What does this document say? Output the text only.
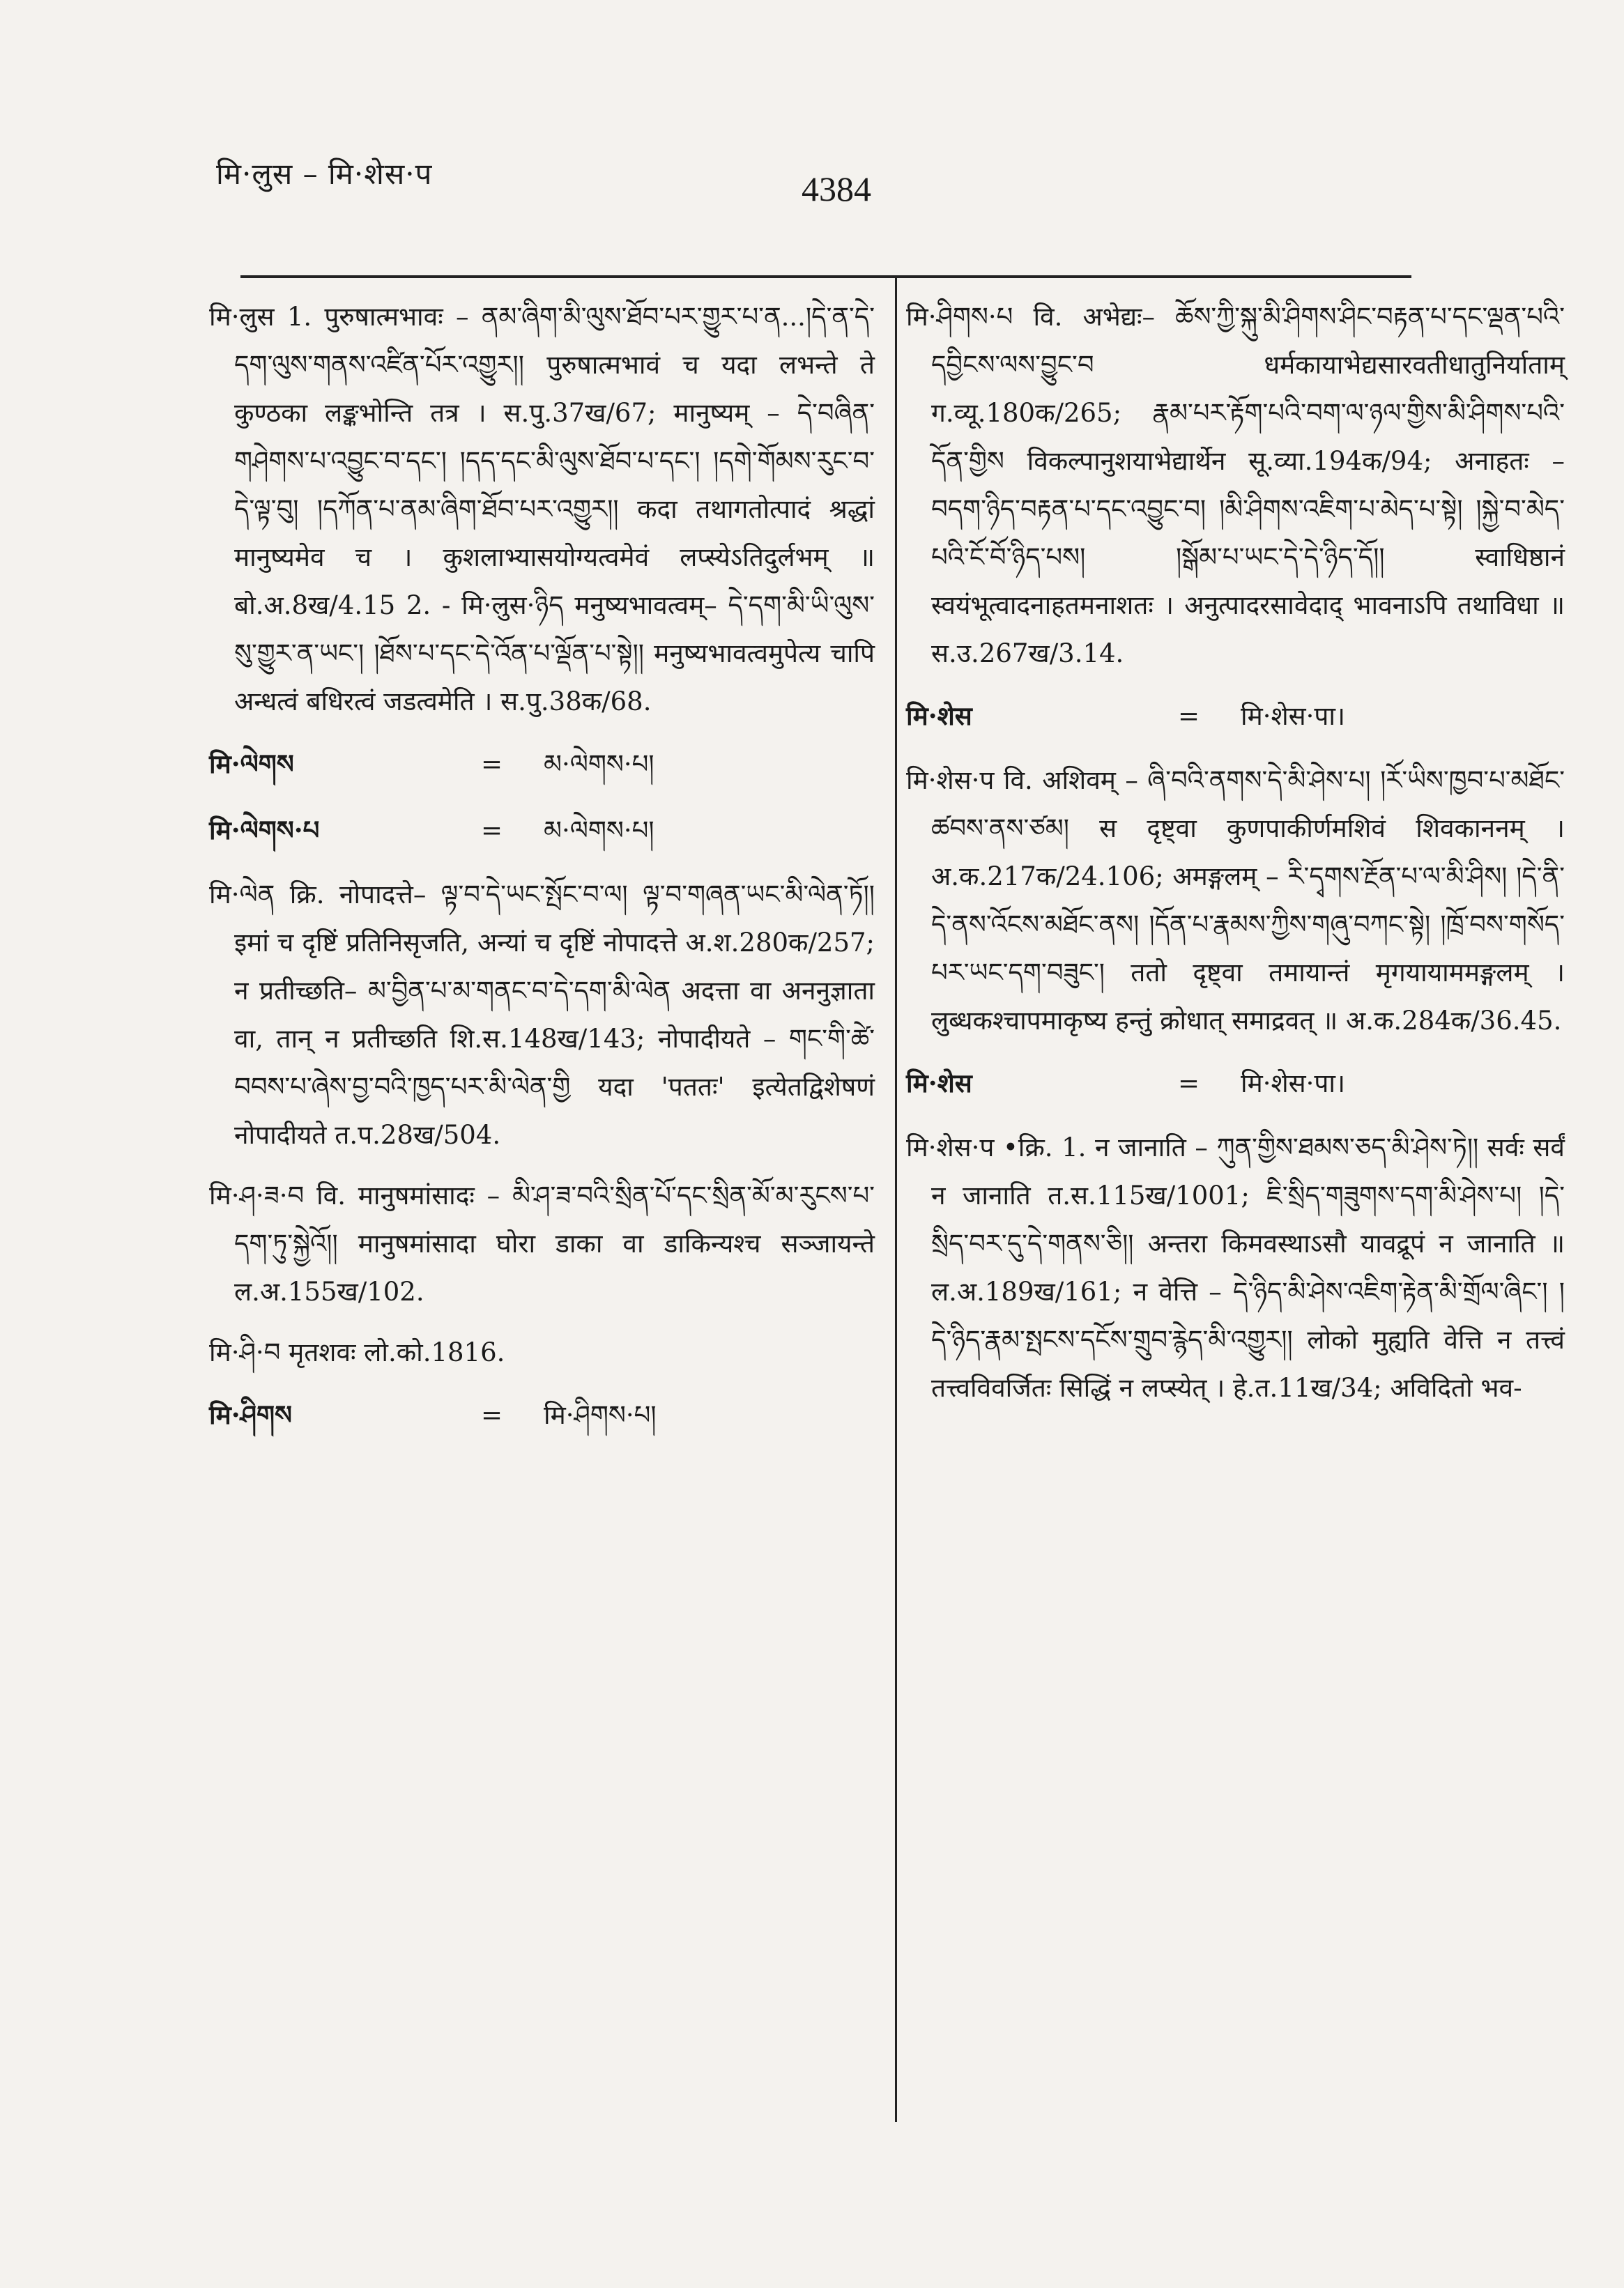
मि·लुस – मि·शेस·प	4384

मि·लुस 1. पुरुषात्मभावः – ནམ་ཞིག་མི་ལུས་ཐོབ་པར་གྱུར་པ་ན...།དེ་ན་དེ་དག་ལུས་གནས་འཛིན་པོར་འགྱུར།། पुरुषात्मभावं च यदा लभन्ते ते कुण्ठका लङ्कभोन्ति तत्र । स.पु.37ख/67; मानुष्यम् – དེ་བཞིན་གཤེགས་པ་འབྱུང་བ་དང་། །དད་དང་མི་ལུས་ཐོབ་པ་དང་། །དགེ་གོམས་རུང་བ་དེ་ལྟ་བུ། །དཀོན་པ་ནམ་ཞིག་ཐོབ་པར་འགྱུར།། कदा तथागतोत्पादं श्रद्धां मानुष्यमेव च । कुशलाभ्यासयोग्यत्वमेवं लप्स्येऽतिदुर्लभम् ॥ बो.अ.8ख/4.15 2. - मि·लुस·ཉིད मनुष्यभावत्वम्– དེ་དག་མི་ཡི་ལུས་སུ་གྱུར་ན་ཡང་། །ཐོས་པ་དང་དེ་འོན་པ་ལྡོན་པ་སྟེ།། मनुष्यभावत्वमुपेत्य चापि अन्धत्वं बधिरत्वं जडत्वमेति । स.पु.38क/68.

मि·ལེགས	=	མ·ལེགས·པ།
मि·ལེགས·པ	=	མ·ལེགས·པ།

मि·ལེན क्रि. नोपादत्ते– ལྟ་བ་དེ་ཡང་སྤོང་བ་ལ། ལྟ་བ་གཞན་ཡང་མི་ལེན་ཏོ།། इमां च दृष्टिं प्रतिनिसृजति, अन्यां च दृष्टिं नोपादत्ते अ.श.280क/257; न प्रतीच्छति– མ་བྱིན་པ་མ་གནང་བ་དེ་དག་མི་ལེན अदत्ता वा अननुज्ञाता वा, तान् न प्रतीच्छति शि.स.148ख/143; नोपादीयते – གང་གི་ཚེ་བབས་པ་ཞེས་བྱ་བའི་ཁྱད་པར་མི་ལེན་གྱི यदा 'पततः' इत्येतद्विशेषणं नोपादीयते त.प.28ख/504.

मि·ཤ·ཟ·བ वि. मानुषमांसादः – མི་ཤ་ཟ་བའི་སྲིན་པོ་དང་སྲིན་མོ་མ་རུངས་པ་དག་ཏུ་སྐྱེའོ།། मानुषमांसादा घोरा डाका वा डाकिन्यश्च सञ्जायन्ते ल.अ.155ख/102.

मि·ཤི·བ मृतशवः लो.को.1816.

मि·ཤིགས	=	मि·ཤིགས·པ།

मि·ཤིགས·པ वि. अभेद्यः– ཆོས་ཀྱི་སྐུ་མི་ཤིགས་ཤིང་བརྟན་པ་དང་ལྡན་པའི་དབྱིངས་ལས་བྱུང་བ धर्मकायाभेद्यसारवतीधातुनिर्याताम् ग.व्यू.180क/265; རྣམ་པར་རྟོག་པའི་བག་ལ་ཉལ་གྱིས་མི་ཤིགས་པའི་དོན་གྱིས विकल्पानुशयाभेद्यार्थेन सू.व्या.194क/94; अनाहतः – བདག་ཉིད་བརྟན་པ་དང་འབྱུང་བ། །མི་ཤིགས་འཇིག་པ་མེད་པ་སྟེ། །སྐྱེ་བ་མེད་པའི་ངོ་བོ་ཉིད་པས། །སྒོམ་པ་ཡང་དེ་དེ་ཉིད་དོ།། स्वाधिष्ठानं स्वयंभूत्वादनाहतमनाशतः । अनुत्पादरसावेदाद् भावनाऽपि तथाविधा ॥ स.उ.267ख/3.14.

मि·शेस	=	मि·शेस·पा।

मि·शेस·प वि. अशिवम् – ཞི་བའི་ནགས་དེ་མི་ཤེས་པ། །རོ་ཡིས་ཁྱབ་པ་མཐོང་ཚབས་ནས་ཙམ། स दृष्ट्वा कुणपाकीर्णमशिवं शिवकाननम् । अ.क.217क/24.106; अमङ्गलम् – རི་དྭགས་རྔོན་པ་ལ་མི་ཤིས། །དེ་ནི་དེ་ནས་འོངས་མཐོང་ནས། །དོན་པ་རྣམས་ཀྱིས་གཞུ་བཀང་སྟེ། །ཁྲོ་བས་གསོད་པར་ཡང་དག་བཟུང་། ततो दृष्ट्वा तमायान्तं मृगयायाममङ्गलम् । लुब्धकश्चापमाकृष्य हन्तुं क्रोधात् समाद्रवत् ॥ अ.क.284क/36.45.

मि·शेस	=	मि·शेस·पा।

मि·शेस·प •क्रि. 1. न जानाति – ཀུན་གྱིས་ཐམས་ཅད་མི་ཤེས་ཏེ།། सर्वः सर्वं न जानाति त.स.115ख/1001; ཇི་སྲིད་གཟུགས་དག་མི་ཤེས་པ། །དེ་སྲིད་བར་དུ་དེ་གནས་ཅི།། अन्तरा किमवस्थाऽसौ यावद्रूपं न जानाति ॥ ल.अ.189ख/161; न वेत्ति – དེ་ཉིད་མི་ཤེས་འཇིག་རྟེན་མི་གྲོལ་ཞིང་། །དེ་ཉིད་རྣམ་སྤངས་དངོས་གྲུབ་རྙེད་མི་འགྱུར།། लोको मुह्यति वेत्ति न तत्त्वं तत्त्वविवर्जितः सिद्धिं न लप्स्येत् । हे.त.11ख/34; अविदितो भव-
